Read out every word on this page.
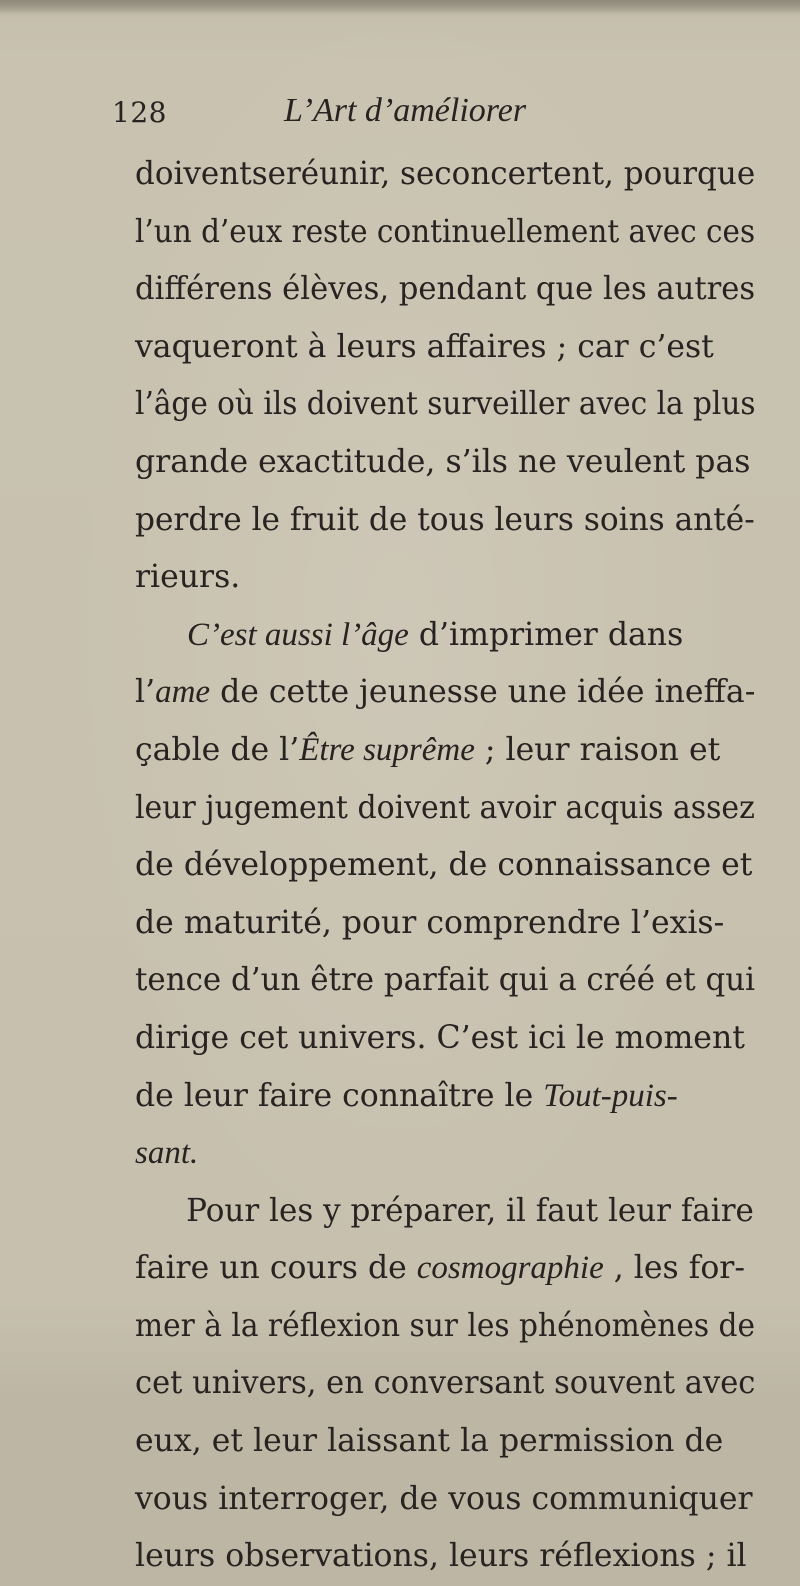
128	L’Art d’améliorer
doiventseréunir, seconcertent, pourque
l’un d’eux reste continuellement avec ces
différens élèves, pendant que les autres
vaqueront à leurs affaires ; car c’est
l’âge où ils doivent surveiller avec la plus
grande exactitude, s’ils ne veulent pas
perdre le fruit de tous leurs soins anté-
rieurs.
C’est aussi l’âge d’imprimer dans
l’ame de cette jeunesse une idée ineffa-
çable de l’Être suprême ; leur raison et
leur jugement doivent avoir acquis assez
de développement, de connaissance et
de maturité, pour comprendre l’exis-
tence d’un être parfait qui a créé et qui
dirige cet univers. C’est ici le moment
de leur faire connaître le Tout-puis-
sant.
Pour les y préparer, il faut leur faire
faire un cours de cosmographie , les for-
mer à la réflexion sur les phénomènes de
cet univers, en conversant souvent avec
eux, et leur laissant la permission de
vous interroger, de vous communiquer
leurs observations, leurs réflexions ; il
